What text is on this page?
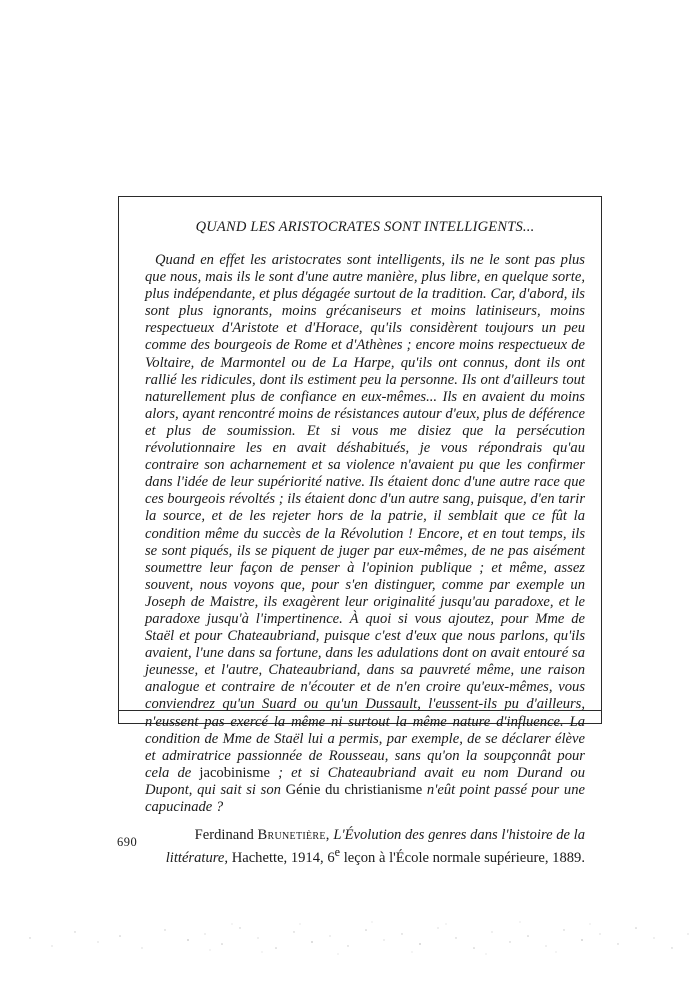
QUAND LES ARISTOCRATES SONT INTELLIGENTS...

Quand en effet les aristocrates sont intelligents, ils ne le sont pas plus que nous, mais ils le sont d'une autre manière, plus libre, en quelque sorte, plus indépendante, et plus dégagée surtout de la tradition. Car, d'abord, ils sont plus ignorants, moins grécaniseurs et moins latiniseurs, moins respectueux d'Aristote et d'Horace, qu'ils considèrent toujours un peu comme des bourgeois de Rome et d'Athènes ; encore moins respectueux de Voltaire, de Marmontel ou de La Harpe, qu'ils ont connus, dont ils ont rallié les ridicules, dont ils estiment peu la personne. Ils ont d'ailleurs tout naturellement plus de confiance en eux-mêmes... Ils en avaient du moins alors, ayant rencontré moins de résistances autour d'eux, plus de déférence et plus de soumission. Et si vous me disiez que la persécution révolutionnaire les en avait déshabitués, je vous répondrais qu'au contraire son acharnement et sa violence n'avaient pu que les confirmer dans l'idée de leur supériorité native. Ils étaient donc d'une autre race que ces bourgeois révoltés ; ils étaient donc d'un autre sang, puisque, d'en tarir la source, et de les rejeter hors de la patrie, il semblait que ce fût la condition même du succès de la Révolution ! Encore, et en tout temps, ils se sont piqués, ils se piquent de juger par eux-mêmes, de ne pas aisément soumettre leur façon de penser à l'opinion publique ; et même, assez souvent, nous voyons que, pour s'en distinguer, comme par exemple un Joseph de Maistre, ils exagèrent leur originalité jusqu'au paradoxe, et le paradoxe jusqu'à l'impertinence. À quoi si vous ajoutez, pour Mme de Staël et pour Chateaubriand, puisque c'est d'eux que nous parlons, qu'ils avaient, l'une dans sa fortune, dans les adulations dont on avait entouré sa jeunesse, et l'autre, Chateaubriand, dans sa pauvreté même, une raison analogue et contraire de n'écouter et de n'en croire qu'eux-mêmes, vous conviendrez qu'un Suard ou qu'un Dussault, l'eussent-ils pu d'ailleurs, n'eussent pas exercé la même ni surtout la même nature d'influence. La condition de Mme de Staël lui a permis, par exemple, de se déclarer élève et admiratrice passionnée de Rousseau, sans qu'on la soupçonnât pour cela de jacobinisme ; et si Chateaubriand avait eu nom Durand ou Dupont, qui sait si son Génie du christianisme n'eût point passé pour une capucinade ?

Ferdinand Brunetière, L'Évolution des genres dans l'histoire de la littérature, Hachette, 1914, 6e leçon à l'École normale supérieure, 1889.

690
